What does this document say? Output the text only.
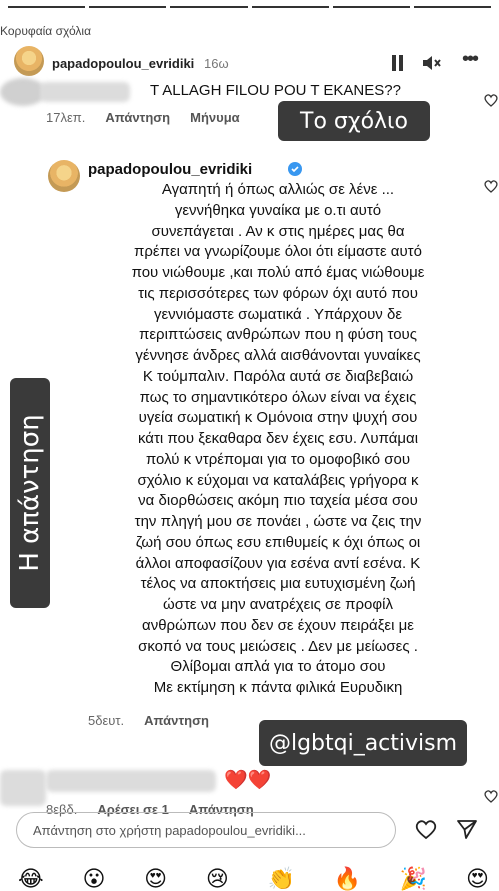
Κορυφαία σχόλια
papadopoulou_evridiki 16ω	•••
T ALLAGH FILOU POU T EKANES??
17λεπ. Απάντηση Μήνυμα	Το σχόλιο
papadopoulou_evridiki
Αγαπητή ή όπως αλλιώς σε λένε ...
γεννήθηκα γυναίκα με ο.τι αυτό
συνεπάγεται . Αν κ στις ημέρες μας θα
πρέπει να γνωρίζουμε όλοι ότι είμαστε αυτό
που νιώθουμε ,και πολύ από έμας νιώθουμε
τις περισσότερες των φόρων όχι αυτό που
γεννιόμαστε σωματικά . Υπάρχουν δε
περιπτώσεις ανθρώπων που η φύση τους
γέννησε άνδρες αλλά αισθάνονται γυναίκες
Κ τούμπαλιν. Παρόλα αυτά σε διαβεβαιώ
πως το σημαντικότερο όλων είναι να έχεις
υγεία σωματική κ Ομόνοια στην ψυχή σου
κάτι που ξεκαθαρα δεν έχεις εσυ. Λυπάμαι
πολύ κ ντρέπομαι για το ομοφοβικό σου
σχόλιο κ εύχομαι να καταλάβεις γρήγορα κ
να διορθώσεις ακόμη πιο ταχεία μέσα σου
την πληγή μου σε πονάει , ώστε να ζεις την
ζωή σου όπως εσυ επιθυμείς κ όχι όπως οι
άλλοι αποφασίζουν για εσένα αντί εσένα. Κ
τέλος να αποκτήσεις μια ευτυχισμένη ζωή
ώστε να μην ανατρέχεις σε προφίλ
ανθρώπων που δεν σε έχουν πειράξει με
σκοπό να τους μειώσεις . Δεν με μείωσες .
Θλίβομαι απλά για το άτομο σου
Με εκτίμηση κ πάντα φιλικά Ευρυδικη
5δευτ. Απάντηση
Η απάντηση
@lgbtqi_activism
❤️❤️
8εβδ. Αρέσει σε 1 Απάντηση
Απάντηση στο χρήστη papadopoulou_evridiki...
😂 😮 😍 😢 👏 🔥 🎉 😍
